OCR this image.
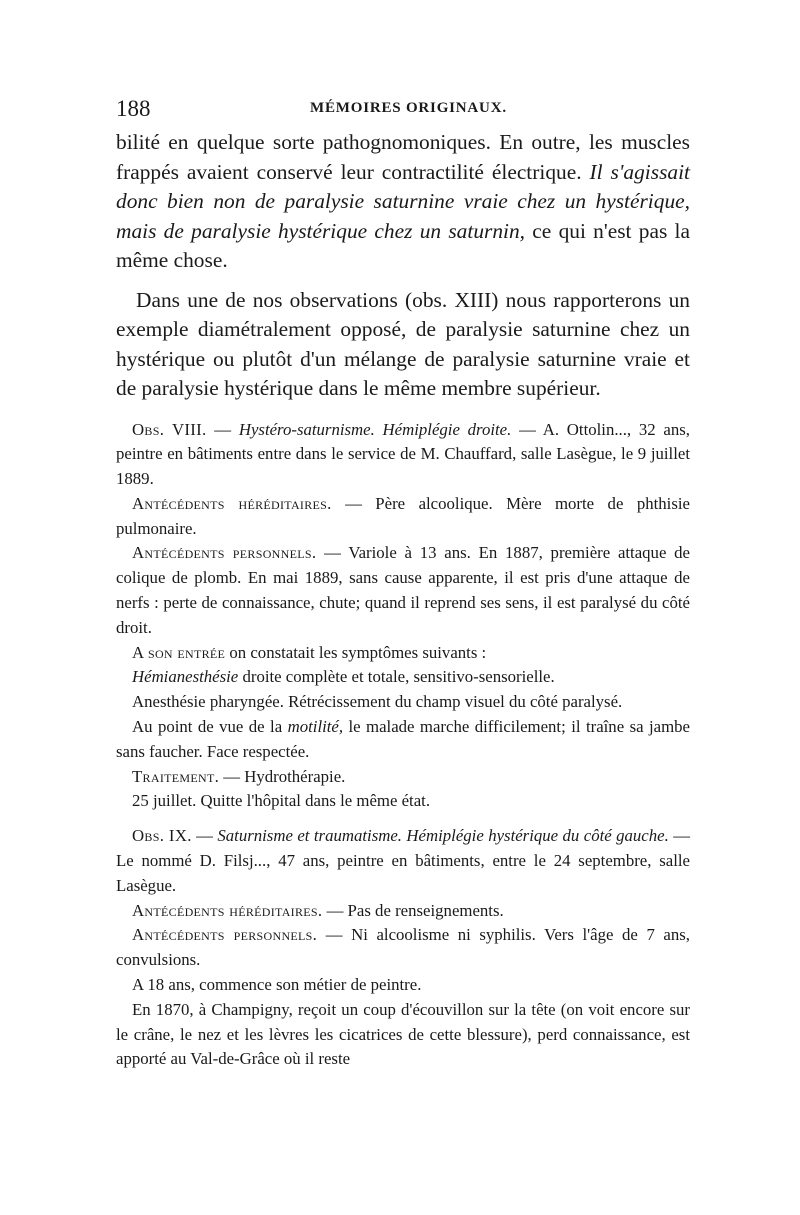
188	MÉMOIRES ORIGINAUX.

bilité en quelque sorte pathognomoniques. En outre, les muscles frappés avaient conservé leur contractilité électrique. Il s'agissait donc bien non de paralysie saturnine vraie chez un hystérique, mais de paralysie hystérique chez un saturnin, ce qui n'est pas la même chose.

Dans une de nos observations (obs. XIII) nous rapporterons un exemple diamétralement opposé, de paralysie saturnine chez un hystérique ou plutôt d'un mélange de paralysie saturnine vraie et de paralysie hystérique dans le même membre supérieur.

Obs. VIII. — Hystéro-saturnisme. Hémiplégie droite. — A. Ottolin..., 32 ans, peintre en bâtiments entre dans le service de M. Chauffard, salle Lasègue, le 9 juillet 1889.

Antécédents héréditaires. — Père alcoolique. Mère morte de phthisie pulmonaire.

Antécédents personnels. — Variole à 13 ans. En 1887, première attaque de colique de plomb. En mai 1889, sans cause apparente, il est pris d'une attaque de nerfs : perte de connaissance, chute; quand il reprend ses sens, il est paralysé du côté droit.

A son entrée on constatait les symptômes suivants :

Hémianesthésie droite complète et totale, sensitivo-sensorielle.

Anesthésie pharyngée. Rétrécissement du champ visuel du côté paralysé.

Au point de vue de la motilité, le malade marche difficilement; il traîne sa jambe sans faucher. Face respectée.

Traitement. — Hydrothérapie.

25 juillet. Quitte l'hôpital dans le même état.

Obs. IX. — Saturnisme et traumatisme. Hémiplégie hystérique du côté gauche. — Le nommé D. Filsj..., 47 ans, peintre en bâtiments, entre le 24 septembre, salle Lasègue.

Antécédents héréditaires. — Pas de renseignements.

Antécédents personnels. — Ni alcoolisme ni syphilis. Vers l'âge de 7 ans, convulsions.

A 18 ans, commence son métier de peintre.

En 1870, à Champigny, reçoit un coup d'écouvillon sur la tête (on voit encore sur le crâne, le nez et les lèvres les cicatrices de cette blessure), perd connaissance, est apporté au Val-de-Grâce où il reste
